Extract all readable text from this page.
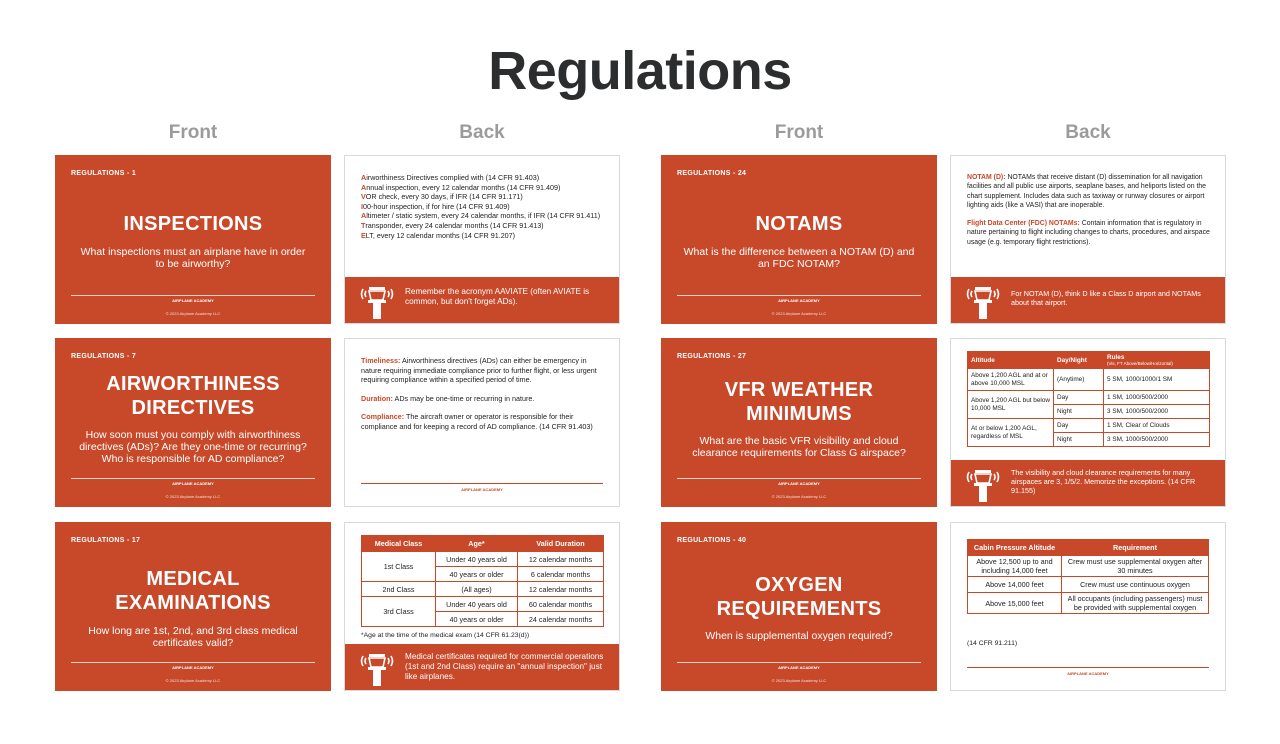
Regulations
Front	Back	Front	Back
REGULATIONS - 1
INSPECTIONS
What inspections must an airplane have in order to be airworthy?
AIRPLANE ACADEMY
© 2023 Airplane Academy LLC

Airworthiness Directives complied with (14 CFR 91.403)

Annual inspection, every 12 calendar months (14 CFR 91.409)

VOR check, every 30 days, if IFR (14 CFR 91.171)

I00-hour inspection, if for hire (14 CFR 91.409)

Altimeter / static system, every 24 calendar months, if IFR (14 CFR 91.411)

Transponder, every 24 calendar months (14 CFR 91.413)

ELT, every 12 calendar months (14 CFR 91.207)

Remember the acronym AAVIATE (often AVIATE is common, but don't forget ADs).
REGULATIONS - 24
NOTAMS
What is the difference between a NOTAM (D) and an FDC NOTAM?
AIRPLANE ACADEMY
© 2023 Airplane Academy LLC

NOTAM (D): NOTAMs that receive distant (D) dissemination for all navigation facilities and all public use airports, seaplane bases, and heliports listed on the chart supplement. Includes data such as taxiway or runway closures or airport lighting aids (like a VASI) that are inoperable.

Flight Data Center (FDC) NOTAMs: Contain information that is regulatory in nature pertaining to flight including changes to charts, procedures, and airspace usage (e.g. temporary flight restrictions).

For NOTAM (D), think D like a Class D airport and NOTAMs about that airport.
REGULATIONS - 7
AIRWORTHINESS
DIRECTIVES
How soon must you comply with airworthiness directives (ADs)? Are they one-time or recurring? Who is responsible for AD compliance?
AIRPLANE ACADEMY
© 2023 Airplane Academy LLC

Timeliness: Airworthiness directives (ADs) can either be emergency in nature requiring immediate compliance prior to further flight, or less urgent requiring compliance within a specified period of time.

Duration: ADs may be one-time or recurring in nature.

Compliance: The aircraft owner or operator is responsible for their compliance and for keeping a record of AD compliance. (14 CFR 91.403)

AIRPLANE ACADEMY
REGULATIONS - 27
VFR WEATHER
MINIMUMS
What are the basic VFR visibility and cloud clearance requirements for Class G airspace?
AIRPLANE ACADEMY
© 2023 Airplane Academy LLC
Altitude	Day/Night	Rules
(Vis, FT Above/Below/Horizontal)

Above 1,200 AGL and at or above 10,000 MSL	(Anytime)	5 SM, 1000/1000/1 SM
Above 1,200 AGL but below 10,000 MSL	Day	1 SM, 1000/500/2000
	Night	3 SM, 1000/500/2000
At or below 1,200 AGL, regardless of MSL	Day	1 SM, Clear of Clouds
	Night	3 SM, 1000/500/2000
The visibility and cloud clearance requirements for many airspaces are 3, 1/5/2. Memorize the exceptions. (14 CFR 91.155)
REGULATIONS - 17
MEDICAL
EXAMINATIONS
How long are 1st, 2nd, and 3rd class medical certificates valid?
AIRPLANE ACADEMY
© 2023 Airplane Academy LLC
Medical Class	Age*	Valid Duration
1st Class	Under 40 years old	12 calendar months
	40 years or older	6 calendar months
2nd Class	(All ages)	12 calendar months
3rd Class	Under 40 years old	60 calendar months
	40 years or older	24 calendar months
*Age at the time of the medical exam (14 CFR 61.23(d))
Medical certificates required for commercial operations (1st and 2nd Class) require an "annual inspection" just like airplanes.
REGULATIONS - 40
OXYGEN
REQUIREMENTS
When is supplemental oxygen required?
AIRPLANE ACADEMY
© 2023 Airplane Academy LLC
Cabin Pressure Altitude	Requirement
Above 12,500 up to and including 14,000 feet	Crew must use supplemental oxygen after 30 minutes
Above 14,000 feet	Crew must use continuous oxygen
Above 15,000 feet	All occupants (including passengers) must be provided with supplemental oxygen
(14 CFR 91.211)
AIRPLANE ACADEMY
